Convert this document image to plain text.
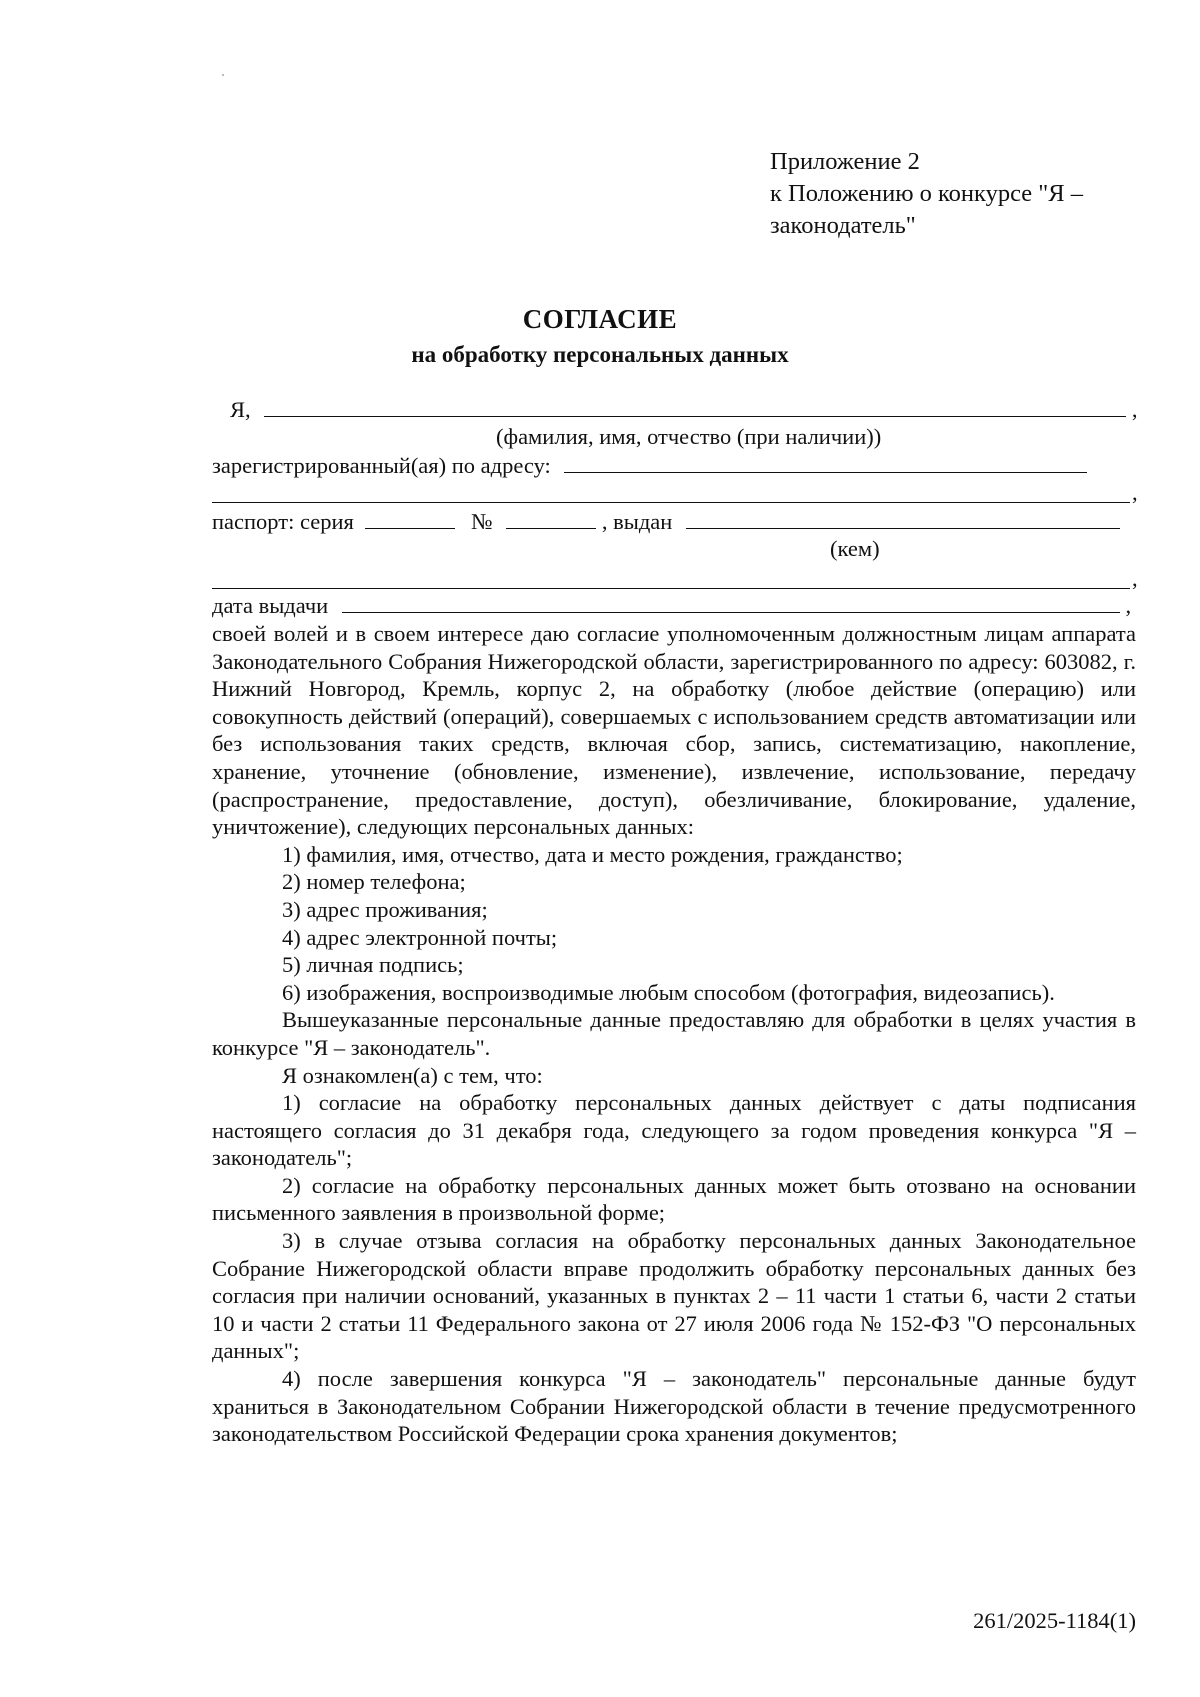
Приложение 2
к Положению о конкурсе "Я –
законодатель"
СОГЛАСИЕ
на обработку персональных данных
Я,	,
(фамилия, имя, отчество (при наличии))
зарегистрированный(ая) по адресу:
,
паспорт: серия	№	, выдан
(кем)
,
дата выдачи	,

своей волей и в своем интересе даю согласие уполномоченным должностным лицам аппарата Законодательного Собрания Нижегородской области, зарегистрированного по адресу: 603082, г. Нижний Новгород, Кремль, корпус 2, на обработку (любое действие (операцию) или совокупность действий (операций), совершаемых с использованием средств автоматизации или без использования таких средств, включая сбор, запись, систематизацию, накопление, хранение, уточнение (обновление, изменение), извлечение, использование, передачу (распространение, предоставление, доступ), обезличивание, блокирование, удаление, уничтожение), следующих персональных данных:

1) фамилия, имя, отчество, дата и место рождения, гражданство;

2) номер телефона;

3) адрес проживания;

4) адрес электронной почты;

5) личная подпись;

6) изображения, воспроизводимые любым способом (фотография, видеозапись).

Вышеуказанные персональные данные предоставляю для обработки в целях участия в конкурсе "Я – законодатель".

Я ознакомлен(а) с тем, что:

1) согласие на обработку персональных данных действует с даты подписания настоящего согласия до 31 декабря года, следующего за годом проведения конкурса "Я – законодатель";

2) согласие на обработку персональных данных может быть отозвано на основании письменного заявления в произвольной форме;

3) в случае отзыва согласия на обработку персональных данных Законодательное Собрание Нижегородской области вправе продолжить обработку персональных данных без согласия при наличии оснований, указанных в пунктах 2 – 11 части 1 статьи 6, части 2 статьи 10 и части 2 статьи 11 Федерального закона от 27 июля 2006 года № 152-ФЗ "О персональных данных";

4) после завершения конкурса "Я – законодатель" персональные данные будут храниться в Законодательном Собрании Нижегородской области в течение предусмотренного законодательством Российской Федерации срока хранения документов;

261/2025-1184(1)
